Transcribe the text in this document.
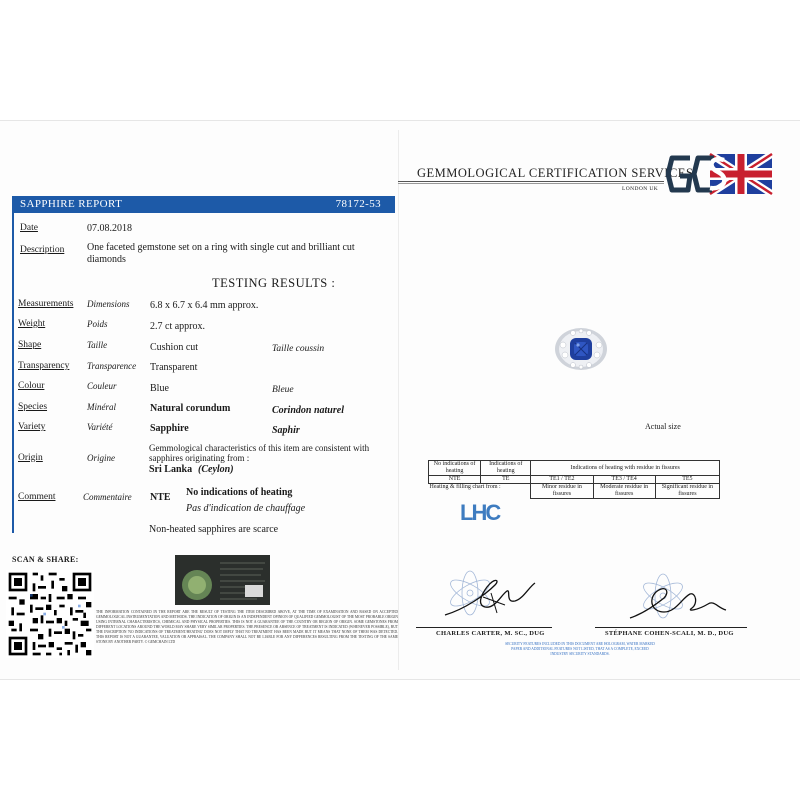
SAPPHIRE REPORT	78172-53
Date	07.08.2018
Description One faceted gemstone set on a ring with single cut and brilliant cut
diamonds
TESTING RESULTS :
Measurements Dimensions 6.8 x 6.7 x 6.4 mm approx.
Weight	Poids	2.7 ct approx.
Shape	Taille	Cushion cut	Taille coussin
Transparency Transparence Transparent
Colour	Couleur	Blue	Bleue
Species	Minéral	Natural corundum	Corindon naturel
Variety	Variété	Sapphire	Saphir
Origin	Origine
Gemmological characteristics of this item are consistent with
sapphires originating from :
Sri Lanka (Ceylon)
Comment	Commentaire NTE No indications of heating
Pas d'indication de chauffage
Non-heated sapphires are scarce
SCAN & SHARE:
THE INFORMATION CONTAINED IN THE REPORT ARE THE RESULT OF TESTING THE ITEM DESCRIBED ABOVE, AT THE TIME OF EXAMINATION AND BASED ON ACCEPTED GEMMOLOGICAL INSTRUMENTATION AND METHODS. THE INDICATION OF ORIGIN IS AN INDEPENDENT OPINION OF QUALIFIED GEMMOLOGIST OF THE MOST PROBABLE ORIGIN USING INTERNAL CHARACTERISTICS, CHEMICAL AND PHYSICAL PROPERTIES. THIS IS NOT A GUARANTEE OF THE COUNTRY OR REGION OF ORIGIN. SOME GEMSTONES FROM DIFFERENT LOCATIONS AROUND THE WORLD MAY SHARE VERY SIMILAR PROPERTIES. THE PRESENCE OR ABSENCE OF TREATMENT IS INDICATED (WHENEVER POSSIBLE), BUT THE INSCRIPTION 'NO INDICATIONS OF TREATMENT/HEATING' DOES NOT IMPLY THAT NO TREATMENT HAS BEEN MADE BUT IT MEANS THAT NONE OF THEM WAS DETECTED. THIS REPORT IS NOT A GUARANTEE, VALUATION OR APPRAISAL. THE COMPANY SHALL NOT BE LIABLE FOR ANY DIFFERENCES RESULTING FROM THE TESTING OF THE SAME STONE BY ANOTHER PARTY. © GEMCHAIN LTD
GEMMOLOGICAL CERTIFICATION SERVICES
LONDON UK
Actual size
No indications of heating	Indications of heating	Indications of heating with residue in fissures		
NTE	TE	TE1 / TE2	TE3 / TE4	TE5
Heating & filling chart from :		Minor residue in fissures	Moderate residue in fissures	Significant residue in fissures
LHC
CHARLES CARTER, M. SC., DUG	STÉPHANE COHEN-SCALI, M. D., DUG
SECURITY FEATURES INCLUDED IN THIS DOCUMENT ARE HOLOGRAM, WATER MARKED PAPER AND ADDITIONAL FEATURES NOT LISTED, THAT AS A COMPLETE, EXCEED INDUSTRY SECURITY STANDARDS.
